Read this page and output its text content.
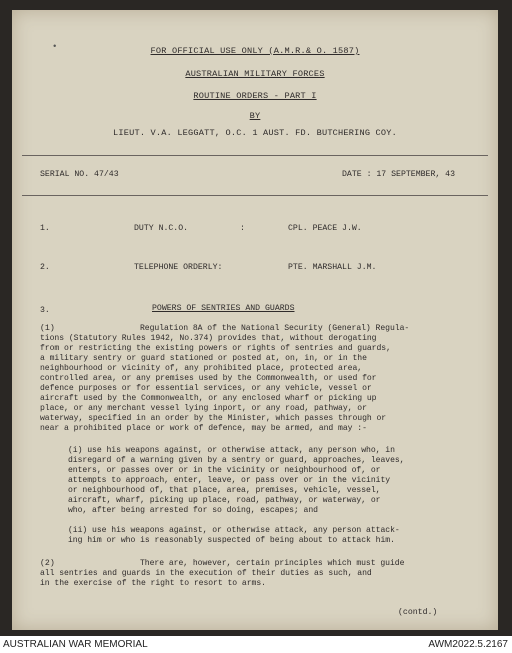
•	FOR OFFICIAL USE ONLY (A.M.R.& O. 1587)
AUSTRALIAN MILITARY FORCES
ROUTINE ORDERS - PART I
BY
LIEUT. V.A. LEGGATT, O.C. 1 AUST. FD. BUTCHERING COY.
SERIAL NO. 47/43	DATE : 17 SEPTEMBER, 43
1.	DUTY N.C.O.	:	CPL. PEACE J.W.
2.	TELEPHONE ORDERLY:	PTE. MARSHALL J.M.
3.	POWERS OF SENTRIES AND GUARDS
(1)	Regulation 8A of the National Security (General) Regula-
tions (Statutory Rules 1942, No.374) provides that, without derogating
from or restricting the existing powers or rights of sentries and guards,
a military sentry or guard stationed or posted at, on, in, or in the
neighbourhood or vicinity of, any prohibited place, protected area,
controlled area, or any premises used by the Commonwealth, or used for
defence purposes or for essential services, or any vehicle, vessel or
aircraft used by the Commonwealth, or any enclosed wharf or picking up
place, or any merchant vessel lying inport, or any road, pathway, or
waterway, specified in an order by the Minister, which passes through or
near a prohibited place or work of defence, may be armed, and may :-
(i) use his weapons against, or otherwise attack, any person who, in
disregard of a warning given by a sentry or guard, approaches, leaves,
enters, or passes over or in the vicinity or neighbourhood of, or
attempts to approach, enter, leave, or pass over or in the vicinity
or neighbourhood of, that place, area, premises, vehicle, vessel,
aircraft, wharf, picking up place, road, pathway, or waterway, or
who, after being arrested for so doing, escapes; and
(ii) use his weapons against, or otherwise attack, any person attack-
ing him or who is reasonably suspected of being about to attack him.
(2)	There are, however, certain principles which must guide
all sentries and guards in the execution of their duties as such, and
in the exercise of the right to resort to arms.
(contd.)
AUSTRALIAN WAR MEMORIAL	AWM2022.5.2167
